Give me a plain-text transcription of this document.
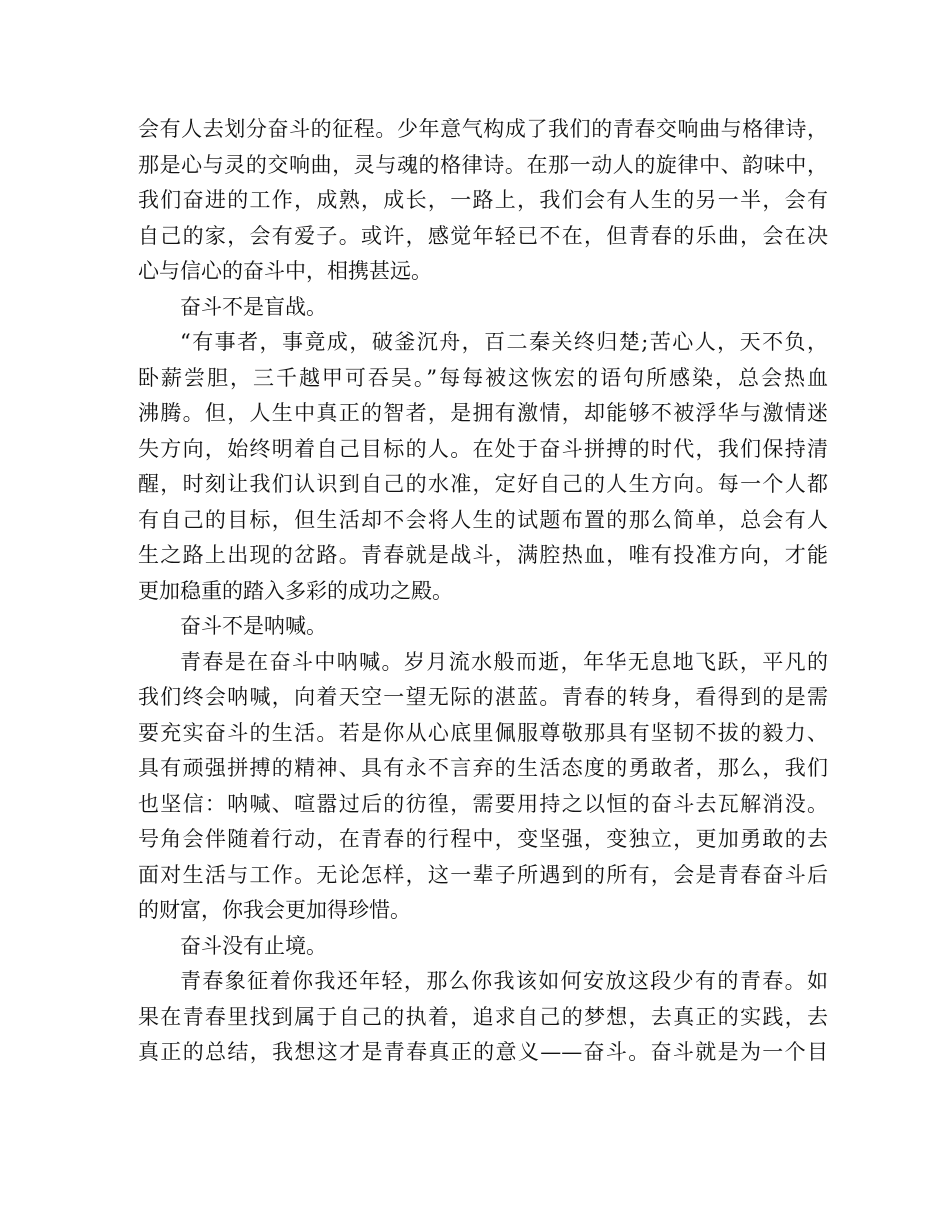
会有人去划分奋斗的征程。少年意气构成了我们的青春交响曲与格律诗，
那是心与灵的交响曲，灵与魂的格律诗。在那一动人的旋律中、韵味中，
我们奋进的工作，成熟，成长，一路上，我们会有人生的另一半，会有
自己的家，会有爱子。或许，感觉年轻已不在，但青春的乐曲，会在决
心与信心的奋斗中，相携甚远。
奋斗不是盲战。
“有事者，事竟成，破釜沉舟，百二秦关终归楚;苦心人，天不负，
卧薪尝胆，三千越甲可吞吴。”每每被这恢宏的语句所感染，总会热血
沸腾。但，人生中真正的智者，是拥有激情，却能够不被浮华与激情迷
失方向，始终明着自己目标的人。在处于奋斗拼搏的时代，我们保持清
醒，时刻让我们认识到自己的水准，定好自己的人生方向。每一个人都
有自己的目标，但生活却不会将人生的试题布置的那么简单，总会有人
生之路上出现的岔路。青春就是战斗，满腔热血，唯有投准方向，才能
更加稳重的踏入多彩的成功之殿。
奋斗不是呐喊。
青春是在奋斗中呐喊。岁月流水般而逝，年华无息地飞跃，平凡的
我们终会呐喊，向着天空一望无际的湛蓝。青春的转身，看得到的是需
要充实奋斗的生活。若是你从心底里佩服尊敬那具有坚韧不拔的毅力、
具有顽强拼搏的精神、具有永不言弃的生活态度的勇敢者，那么，我们
也坚信：呐喊、喧嚣过后的彷徨，需要用持之以恒的奋斗去瓦解消没。
号角会伴随着行动，在青春的行程中，变坚强，变独立，更加勇敢的去
面对生活与工作。无论怎样，这一辈子所遇到的所有，会是青春奋斗后
的财富，你我会更加得珍惜。
奋斗没有止境。
青春象征着你我还年轻，那么你我该如何安放这段少有的青春。如
果在青春里找到属于自己的执着，追求自己的梦想，去真正的实践，去
真正的总结，我想这才是青春真正的意义——奋斗。奋斗就是为一个目
